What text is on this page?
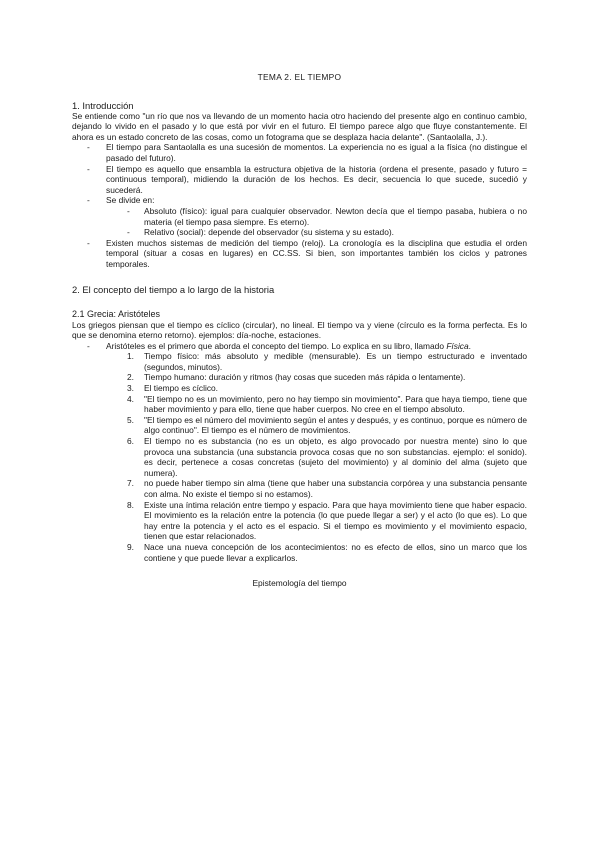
TEMA 2. EL TIEMPO
1. Introducción

Se entiende como "un río que nos va llevando de un momento hacia otro haciendo del presente algo en continuo cambio, dejando lo vivido en el pasado y lo que está por vivir en el futuro. El tiempo parece algo que fluye constantemente. El ahora es un estado concreto de las cosas, como un fotograma que se desplaza hacia delante". (Santaolalla, J.).

- El tiempo para Santaolalla es una sucesión de momentos. La experiencia no es igual a la física (no distingue el pasado del futuro).
- El tiempo es aquello que ensambla la estructura objetiva de la historia (ordena el presente, pasado y futuro = continuous temporal), midiendo la duración de los hechos. Es decir, secuencia lo que sucede, sucedió y sucederá.
- Se divide en:
- Absoluto (físico): igual para cualquier observador. Newton decía que el tiempo pasaba, hubiera o no materia (el tiempo pasa siempre. Es eterno).
- Relativo (social): depende del observador (su sistema y su estado).
- Existen muchos sistemas de medición del tiempo (reloj). La cronología es la disciplina que estudia el orden temporal (situar a cosas en lugares) en CC.SS. Si bien, son importantes también los ciclos y patrones temporales.
2. El concepto del tiempo a lo largo de la historia
2.1 Grecia: Aristóteles

Los griegos piensan que el tiempo es cíclico (circular), no lineal. El tiempo va y viene (círculo es la forma perfecta. Es lo que se denomina eterno retorno). ejemplos: día-noche, estaciones.

- Aristóteles es el primero que aborda el concepto del tiempo. Lo explica en su libro, llamado Física.
1. Tiempo físico: más absoluto y medible (mensurable). Es un tiempo estructurado e inventado (segundos, minutos).
2. Tiempo humano: duración y ritmos (hay cosas que suceden más rápida o lentamente).
3. El tiempo es cíclico.
4. "El tiempo no es un movimiento, pero no hay tiempo sin movimiento". Para que haya tiempo, tiene que haber movimiento y para ello, tiene que haber cuerpos. No cree en el tiempo absoluto.
5. "El tiempo es el número del movimiento según el antes y después, y es continuo, porque es número de algo continuo". El tiempo es el número de movimientos.
6. El tiempo no es substancia (no es un objeto, es algo provocado por nuestra mente) sino lo que provoca una substancia (una substancia provoca cosas que no son substancias. ejemplo: el sonido). es decir, pertenece a cosas concretas (sujeto del movimiento) y al dominio del alma (sujeto que numera).
7. no puede haber tiempo sin alma (tiene que haber una substancia corpórea y una substancia pensante con alma. No existe el tiempo si no estamos).
8. Existe una íntima relación entre tiempo y espacio. Para que haya movimiento tiene que haber espacio. El movimiento es la relación entre la potencia (lo que puede llegar a ser) y el acto (lo que es). Lo que hay entre la potencia y el acto es el espacio. Si el tiempo es movimiento y el movimiento espacio, tienen que estar relacionados.
9. Nace una nueva concepción de los acontecimientos: no es efecto de ellos, sino un marco que los contiene y que puede llevar a explicarlos.
Epistemología del tiempo
